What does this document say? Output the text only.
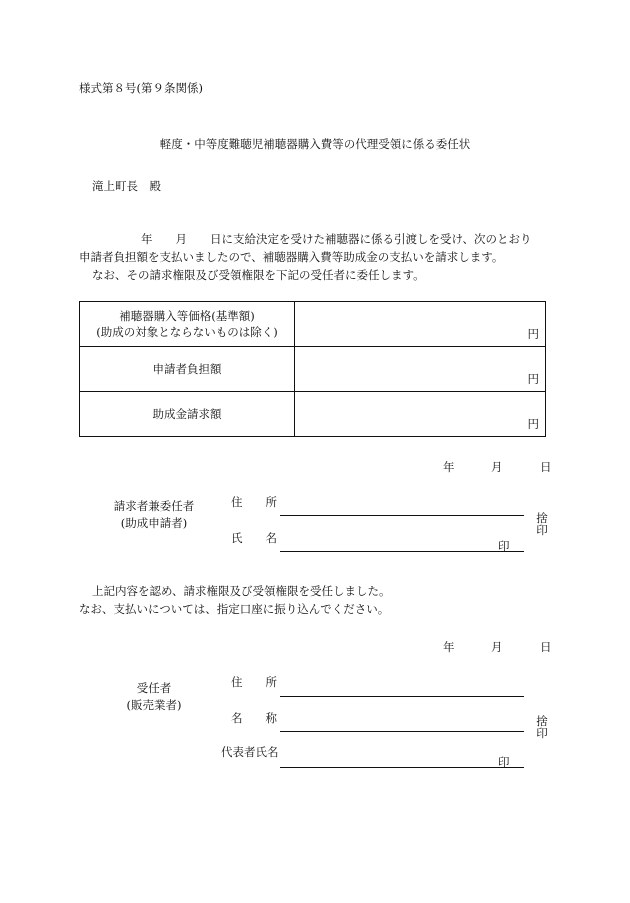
様式第８号(第９条関係)
軽度・中等度難聴児補聴器購入費等の代理受領に係る委任状
滝上町長　殿
年　　月　　日に支給決定を受けた補聴器に係る引渡しを受け、次のとおり
申請者負担額を支払いましたので、補聴器購入費等助成金の支払いを請求します。
なお、その請求権限及び受領権限を下記の受任者に委任します。
補聴器購入等価格(基準額)
(助成の対象とならないものは除く)	円

申請者負担額	円

助成金請求額	円
年	月	日
請求者兼委任者
(助成申請者)
住　　所
氏　　名
印
捨印
上記内容を認め、請求権限及び受領権限を受任しました。
なお、支払いについては、指定口座に振り込んでください。
年	月	日
受任者
(販売業者)
住　　所
名　　称
代表者氏名
印
捨印
